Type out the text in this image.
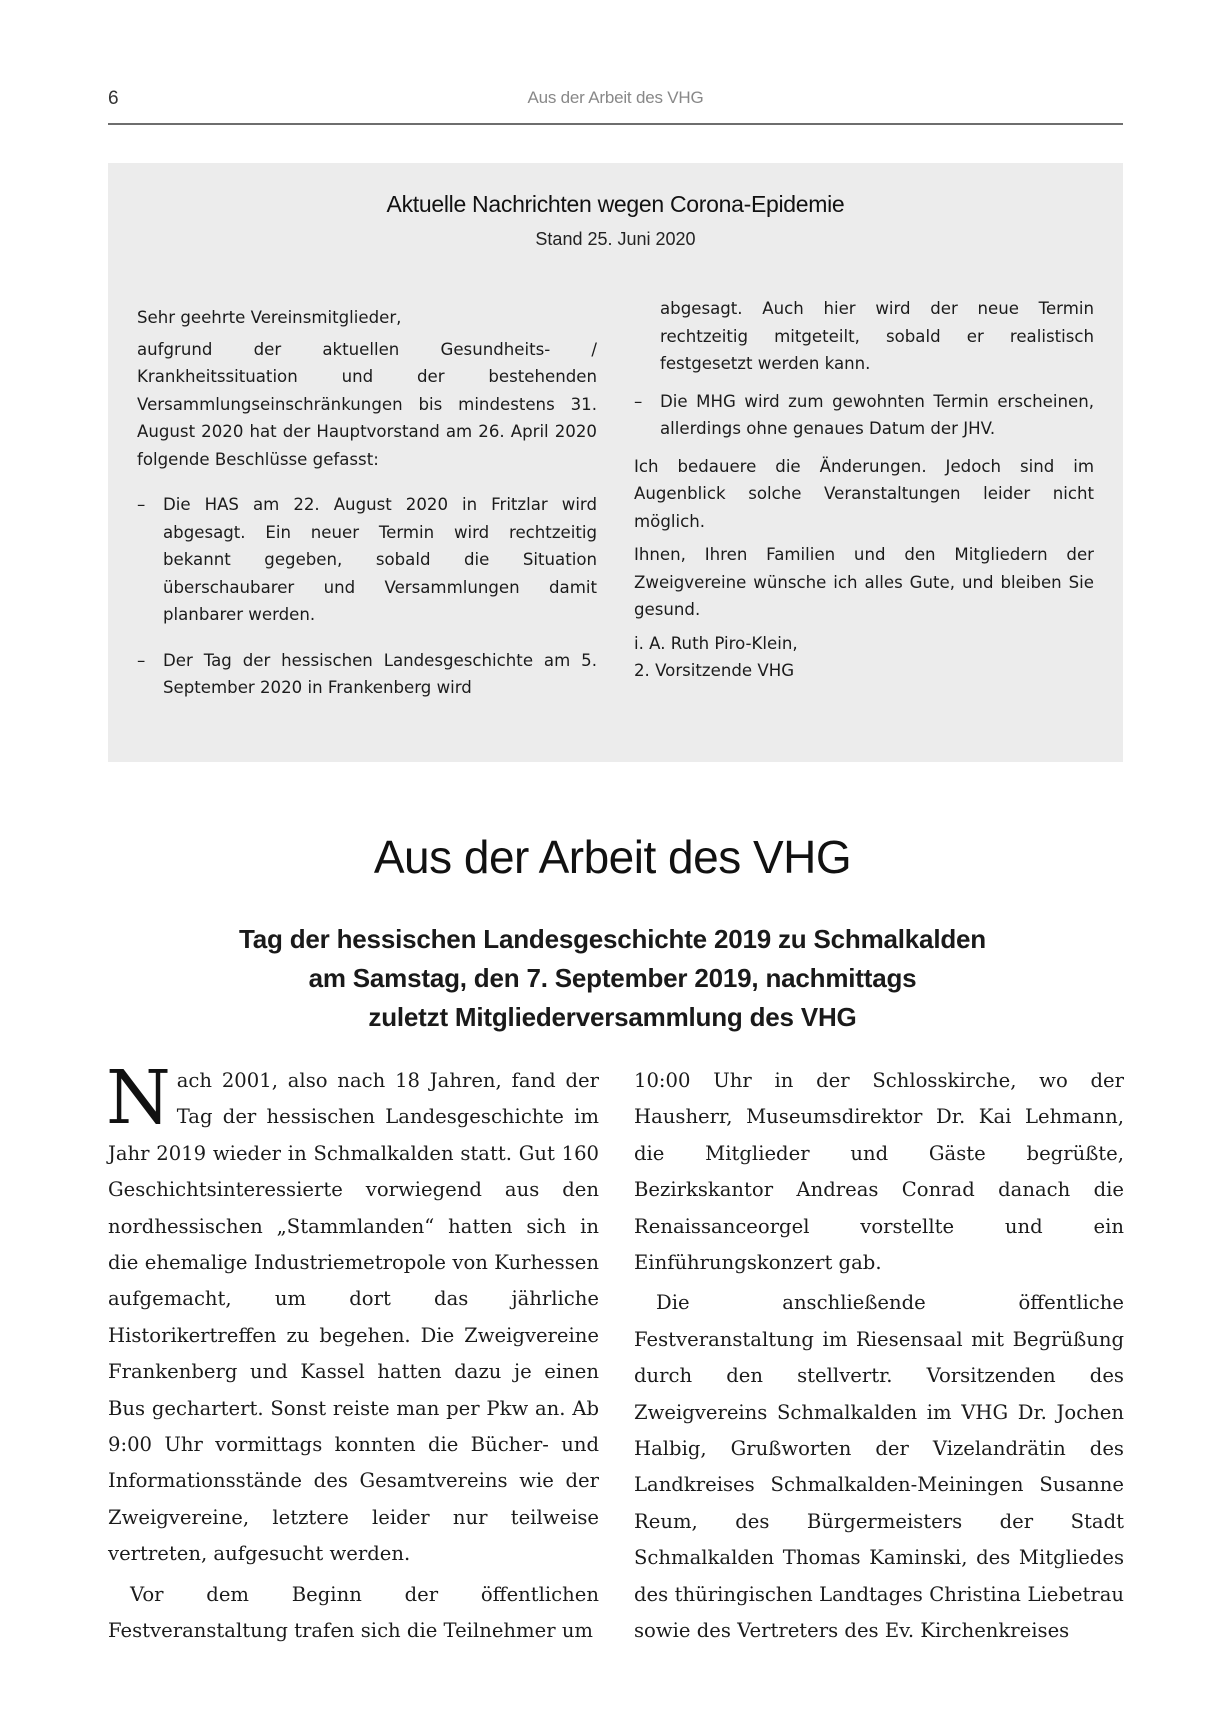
6	Aus der Arbeit des VHG
Aktuelle Nachrichten wegen Corona-Epidemie
Stand 25. Juni 2020
Sehr geehrte Vereinsmitglieder,

aufgrund der aktuellen Gesundheits- / Krankheitssituation und der bestehenden Versammlungseinschränkungen bis mindestens 31. August 2020 hat der Hauptvorstand am 26. April 2020 folgende Beschlüsse gefasst:

– Die HAS am 22. August 2020 in Fritzlar wird abgesagt. Ein neuer Termin wird rechtzeitig bekannt gegeben, sobald die Situation überschaubarer und Versammlungen damit planbarer werden.
– Der Tag der hessischen Landesgeschichte am 5. September 2020 in Frankenberg wird
abgesagt. Auch hier wird der neue Termin rechtzeitig mitgeteilt, sobald er realistisch festgesetzt werden kann.
– Die MHG wird zum gewohnten Termin erscheinen, allerdings ohne genaues Datum der JHV.

Ich bedauere die Änderungen. Jedoch sind im Augenblick solche Veranstaltungen leider nicht möglich.

Ihnen, Ihren Familien und den Mitgliedern der Zweigvereine wünsche ich alles Gute, und bleiben Sie gesund.

i. A. Ruth Piro-Klein,
2. Vorsitzende VHG
Aus der Arbeit des VHG
Tag der hessischen Landesgeschichte 2019 zu Schmalkalden
am Samstag, den 7. September 2019, nachmittags
zuletzt Mitgliederversammlung des VHG

Nach 2001, also nach 18 Jahren, fand der Tag der hessischen Landesgeschichte im Jahr 2019 wieder in Schmalkalden statt. Gut 160 Geschichtsinteressierte vorwiegend aus den nordhessischen „Stammlanden“ hatten sich in die ehemalige Industriemetropole von Kurhessen aufgemacht, um dort das jährliche Historikertreffen zu begehen. Die Zweigvereine Frankenberg und Kassel hatten dazu je einen Bus gechartert. Sonst reiste man per Pkw an. Ab 9:00 Uhr vormittags konnten die Bücher- und Informationsstände des Gesamtvereins wie der Zweigvereine, letztere leider nur teilweise vertreten, aufgesucht werden.

Vor dem Beginn der öffentlichen Festveranstaltung trafen sich die Teilnehmer um

10:00 Uhr in der Schlosskirche, wo der Hausherr, Museumsdirektor Dr. Kai Lehmann, die Mitglieder und Gäste begrüßte, Bezirkskantor Andreas Conrad danach die Renaissanceorgel vorstellte und ein Einführungskonzert gab.

Die anschließende öffentliche Festveranstaltung im Riesensaal mit Begrüßung durch den stellvertr. Vorsitzenden des Zweigvereins Schmalkalden im VHG Dr. Jochen Halbig, Grußworten der Vizelandrätin des Landkreises Schmalkalden-Meiningen Susanne Reum, des Bürgermeisters der Stadt Schmalkalden Thomas Kaminski, des Mitgliedes des thüringischen Landtages Christina Liebetrau sowie des Vertreters des Ev. Kirchenkreises
